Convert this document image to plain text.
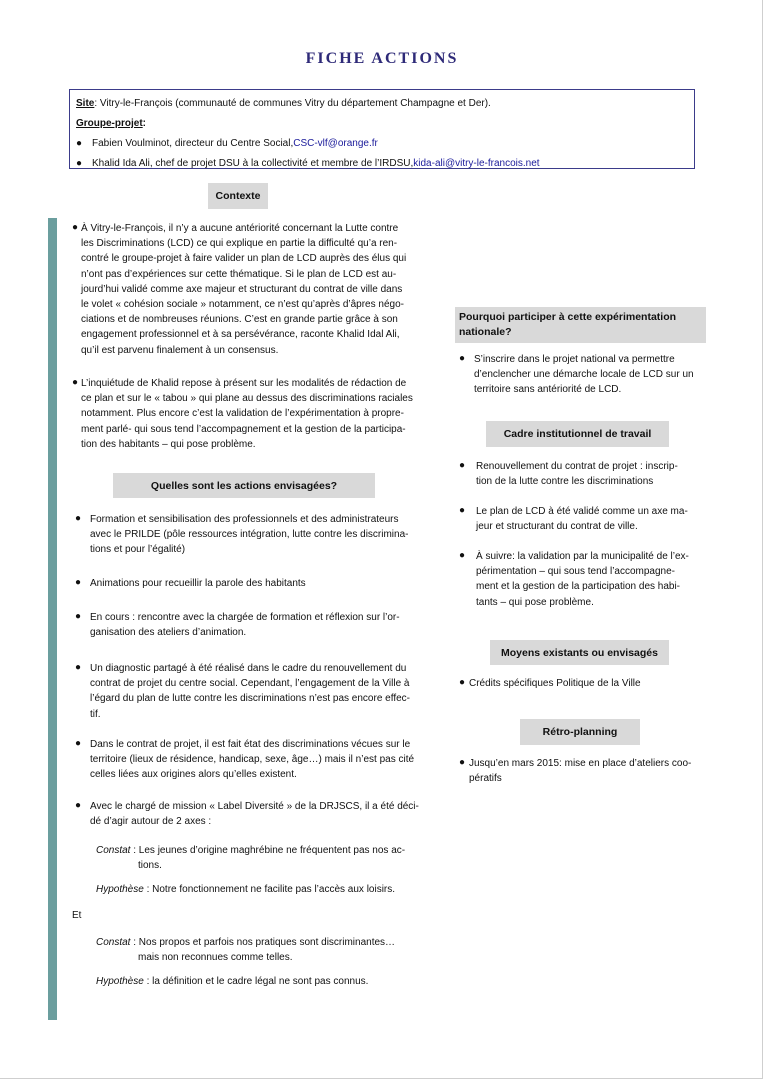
FICHE ACTIONS
Site: Vitry-le-François (communauté de communes Vitry du département Champagne et Der).
Groupe-projet:
● Fabien Voulminot, directeur du Centre Social, CSC-vlf@orange.fr
● Khalid Ida Ali, chef de projet DSU à la collectivité et membre de l’IRDSU, kida-ali@vitry-le-francois.net
Contexte
● À Vitry-le-François, il n’y a aucune antériorité concernant la Lutte contre
les Discriminations (LCD) ce qui explique en partie la difficulté qu’a ren-
contré le groupe-projet à faire valider un plan de LCD auprès des élus qui
n’ont pas d’expériences sur cette thématique. Si le plan de LCD est au-
jourd’hui validé comme axe majeur et structurant du contrat de ville dans
le volet « cohésion sociale » notamment, ce n’est qu’après d’âpres négo-
ciations et de nombreuses réunions. C’est en grande partie grâce à son
engagement professionnel et à sa persévérance, raconte Khalid Idal Ali,
qu’il est parvenu finalement à un consensus.
● L’inquiétude de Khalid repose à présent sur les modalités de rédaction de
ce plan et sur le « tabou » qui plane au dessus des discriminations raciales
notamment. Plus encore c’est la validation de l’expérimentation à propre-
ment parlé- qui sous tend l’accompagnement et la gestion de la participa-
tion des habitants – qui pose problème.
Quelles sont les actions envisagées?
● Formation et sensibilisation des professionnels et des administrateurs
avec le PRILDE (pôle ressources intégration, lutte contre les discrimina-
tions et pour l’égalité)
● Animations pour recueillir la parole des habitants
● En cours : rencontre avec la chargée de formation et réflexion sur l’or-
ganisation des ateliers d’animation.
● Un diagnostic partagé à été réalisé dans le cadre du renouvellement du
contrat de projet du centre social. Cependant, l’engagement de la Ville à
l’égard du plan de lutte contre les discriminations n’est pas encore effec-
tif.
● Dans le contrat de projet, il est fait état des discriminations vécues sur le
territoire (lieux de résidence, handicap, sexe, âge…) mais il n’est pas cité
celles liées aux origines alors qu’elles existent.
● Avec le chargé de mission « Label Diversité » de la DRJSCS, il a été déci-
dé d’agir autour de 2 axes :
Constat : Les jeunes d’origine maghrébine ne fréquentent pas nos ac-
tions.
Hypothèse : Notre fonctionnement ne facilite pas l’accès aux loisirs.
Et
Constat : Nos propos et parfois nos pratiques sont discriminantes…
mais non reconnues comme telles.
Hypothèse : la définition et le cadre légal ne sont pas connus.
Pourquoi participer à cette expérimentation
nationale?
● S’inscrire dans le projet national va permettre
d’enclencher une démarche locale de LCD sur un
territoire sans antériorité de LCD.
Cadre institutionnel de travail
● Renouvellement du contrat de projet : inscrip-
tion de la lutte contre les discriminations
● Le plan de LCD à été validé comme un axe ma-
jeur et structurant du contrat de ville.
● À suivre: la validation par la municipalité de l’ex-
périmentation – qui sous tend l’accompagne-
ment et la gestion de la participation des habi-
tants – qui pose problème.
Moyens existants ou envisagés
● Crédits spécifiques Politique de la Ville
Rétro-planning
● Jusqu’en mars 2015: mise en place d’ateliers coo-
pératifs
